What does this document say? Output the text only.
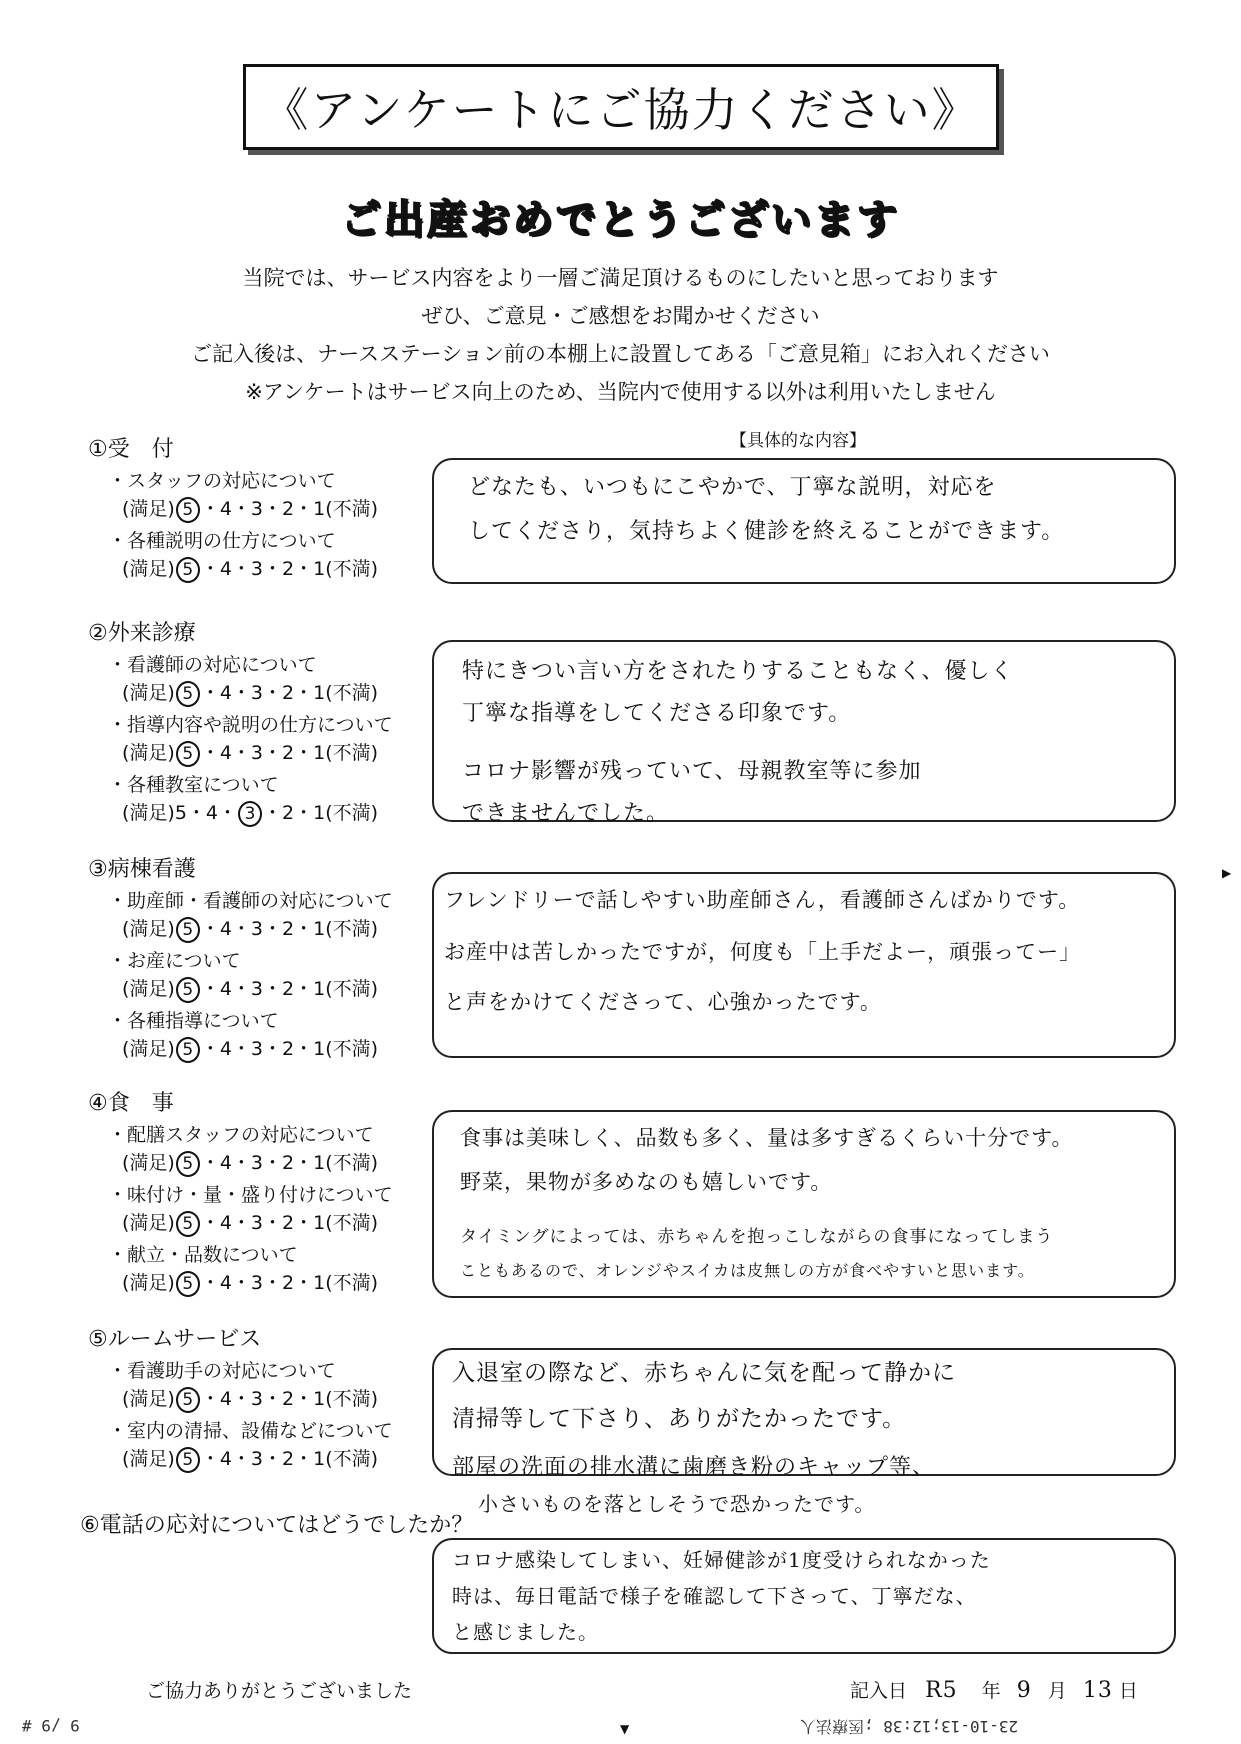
《アンケートにご協力ください》
ご出産おめでとうございます
当院では、サービス内容をより一層ご満足頂けるものにしたいと思っております
ぜひ、ご意見・ご感想をお聞かせください
ご記入後は、ナースステーション前の本棚上に設置してある「ご意見箱」にお入れください
※アンケートはサービス向上のため、当院内で使用する以外は利用いたしません
【具体的な内容】
①受　付
・スタッフの対応について
(満足) 5 ・4・3・2・1(不満)
・各種説明の仕方について
(満足) 5 ・4・3・2・1(不満)
どなたも、いつもにこやかで、丁寧な説明，対応を
してくださり，気持ちよく健診を終えることができます。
②外来診療
・看護師の対応について
(満足) 5 ・4・3・2・1(不満)
・指導内容や説明の仕方について
(満足) 5 ・4・3・2・1(不満)
・各種教室について
(満足)5・4・ 3 ・2・1(不満)
特にきつい言い方をされたりすることもなく、優しく
丁寧な指導をしてくださる印象です。
コロナ影響が残っていて、母親教室等に参加
できませんでした。
③病棟看護
・助産師・看護師の対応について
(満足) 5 ・4・3・2・1(不満)
・お産について
(満足) 5 ・4・3・2・1(不満)
・各種指導について
(満足) 5 ・4・3・2・1(不満)
フレンドリーで話しやすい助産師さん，看護師さんばかりです。
お産中は苦しかったですが，何度も「上手だよー，頑張ってー」
と声をかけてくださって、心強かったです。
④食　事
・配膳スタッフの対応について
(満足) 5 ・4・3・2・1(不満)
・味付け・量・盛り付けについて
(満足) 5 ・4・3・2・1(不満)
・献立・品数について
(満足) 5 ・4・3・2・1(不満)
食事は美味しく、品数も多く、量は多すぎるくらい十分です。
野菜，果物が多めなのも嬉しいです。
タイミングによっては、赤ちゃんを抱っこしながらの食事になってしまう
こともあるので、オレンジやスイカは皮無しの方が食べやすいと思います。
⑤ルームサービス
・看護助手の対応について
(満足) 5 ・4・3・2・1(不満)
・室内の清掃、設備などについて
(満足) 5 ・4・3・2・1(不満)
入退室の際など、赤ちゃんに気を配って静かに
清掃等して下さり、ありがたかったです。
部屋の洗面の排水溝に歯磨き粉のキャップ等、
小さいものを落としそうで恐かったです。
⑥電話の応対についてはどうでしたか？
コロナ感染してしまい、妊婦健診が1度受けられなかった
時は、毎日電話で様子を確認して下さって、丁寧だな、
と感じました。
ご協力ありがとうございました	記入日 R5 年 9 月 13 日
9 /9 #	23-10-13;12:38 ;医療法人
▼
▶
